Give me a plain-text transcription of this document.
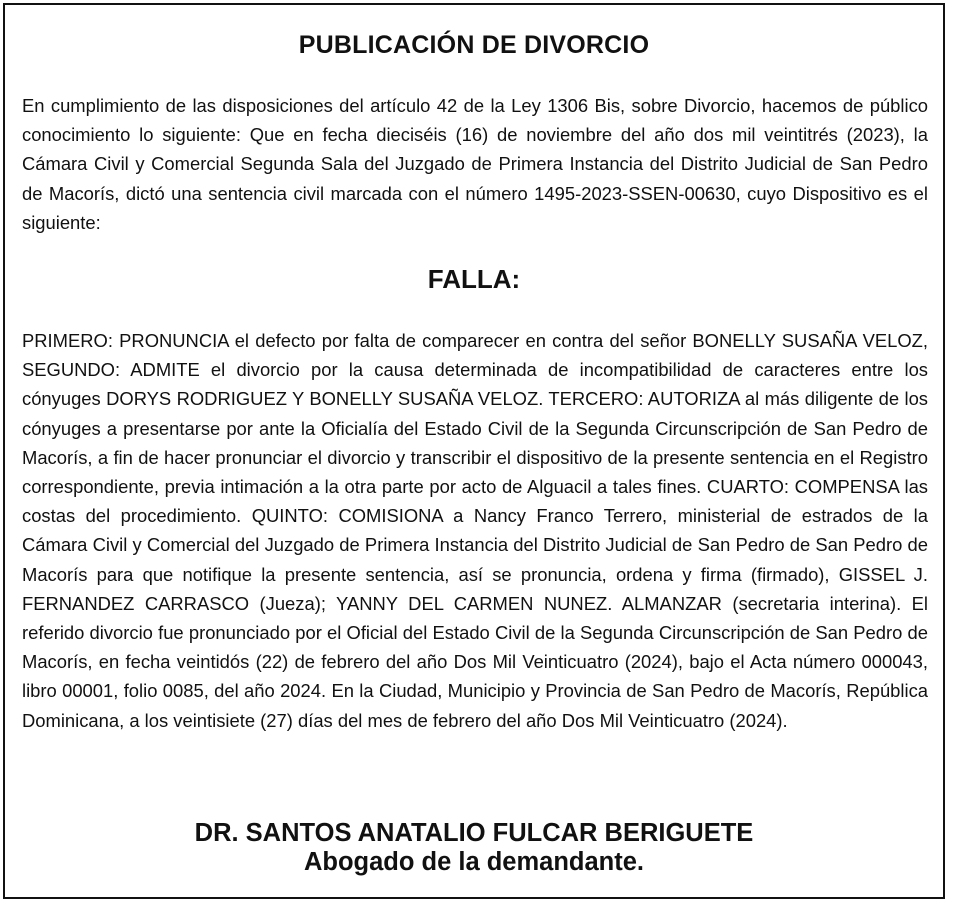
PUBLICACIÓN DE DIVORCIO

En cumplimiento de las disposiciones del artículo 42 de la Ley 1306 Bis, sobre Divorcio, hacemos de público conocimiento lo siguiente: Que en fecha dieciséis (16) de noviembre del año dos mil veintitrés (2023), la Cámara Civil y Comercial Segunda Sala del Juzgado de Primera Instancia del Distrito Judicial de San Pedro de Macorís, dictó una sentencia civil marcada con el número 1495-2023-SSEN-00630, cuyo Dispositivo es el siguiente:

FALLA:

PRIMERO: PRONUNCIA el defecto por falta de comparecer en contra del señor BONELLY SUSAÑA VELOZ, SEGUNDO: ADMITE el divorcio por la causa determinada de incompatibilidad de caracteres entre los cónyuges DORYS RODRIGUEZ Y BONELLY SUSAÑA VELOZ. TERCERO: AUTORIZA al más diligente de los cónyuges a presentarse por ante la Oficialía del Estado Civil de la Segunda Circunscripción de San Pedro de Macorís, a fin de hacer pronunciar el divorcio y transcribir el dispositivo de la presente sentencia en el Registro correspondiente, previa intimación a la otra parte por acto de Alguacil a tales fines. CUARTO: COMPENSA las costas del procedimiento. QUINTO: COMISIONA a Nancy Franco Terrero, ministerial de estrados de la Cámara Civil y Comercial del Juzgado de Primera Instancia del Distrito Judicial de San Pedro de San Pedro de Macorís para que notifique la presente sentencia, así se pronuncia, ordena y firma (firmado), GISSEL J. FERNANDEZ CARRASCO (Jueza); YANNY DEL CARMEN NUNEZ. ALMANZAR (secretaria interina). El referido divorcio fue pronunciado por el Oficial del Estado Civil de la Segunda Circunscripción de San Pedro de Macorís, en fecha veintidós (22) de febrero del año Dos Mil Veinticuatro (2024), bajo el Acta número 000043, libro 00001, folio 0085, del año 2024. En la Ciudad, Municipio y Provincia de San Pedro de Macorís, República Dominicana, a los veintisiete (27) días del mes de febrero del año Dos Mil Veinticuatro (2024).

DR. SANTOS ANATALIO FULCAR BERIGUETE
Abogado de la demandante.
